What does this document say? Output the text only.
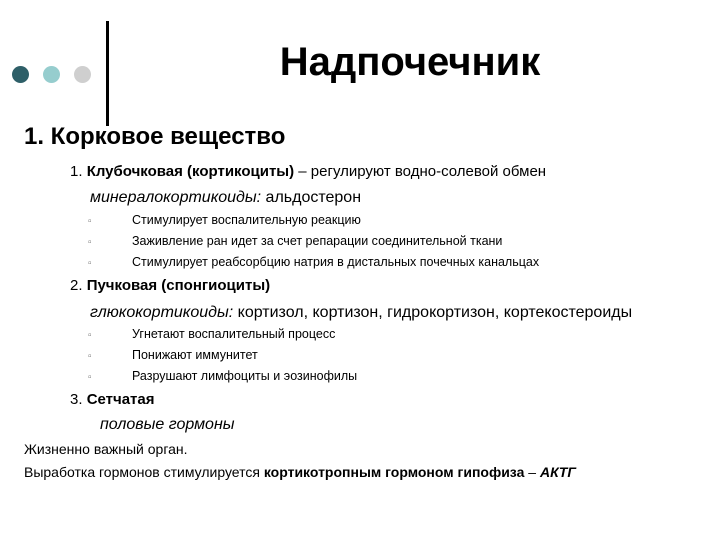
Надпочечник
1. Корковое вещество
1. Клубочковая (кортикоциты) – регулируют водно-солевой обмен
минералокортикоиды: альдостерон
▫	Стимулирует воспалительную реакцию
▫	Заживление ран идет за счет репарации соединительной ткани
▫	Стимулирует реабсорбцию натрия в дистальных почечных канальцах
2. Пучковая (спонгиоциты)
глюкокортикоиды: кортизол, кортизон, гидрокортизон, кортекостероиды
▫	Угнетают воспалительный процесс
▫	Понижают иммунитет
▫	Разрушают лимфоциты и эозинофилы
3. Сетчатая
половые гормоны
Жизненно важный орган.
Выработка гормонов стимулируется кортикотропным гормоном гипофиза – АКТГ
